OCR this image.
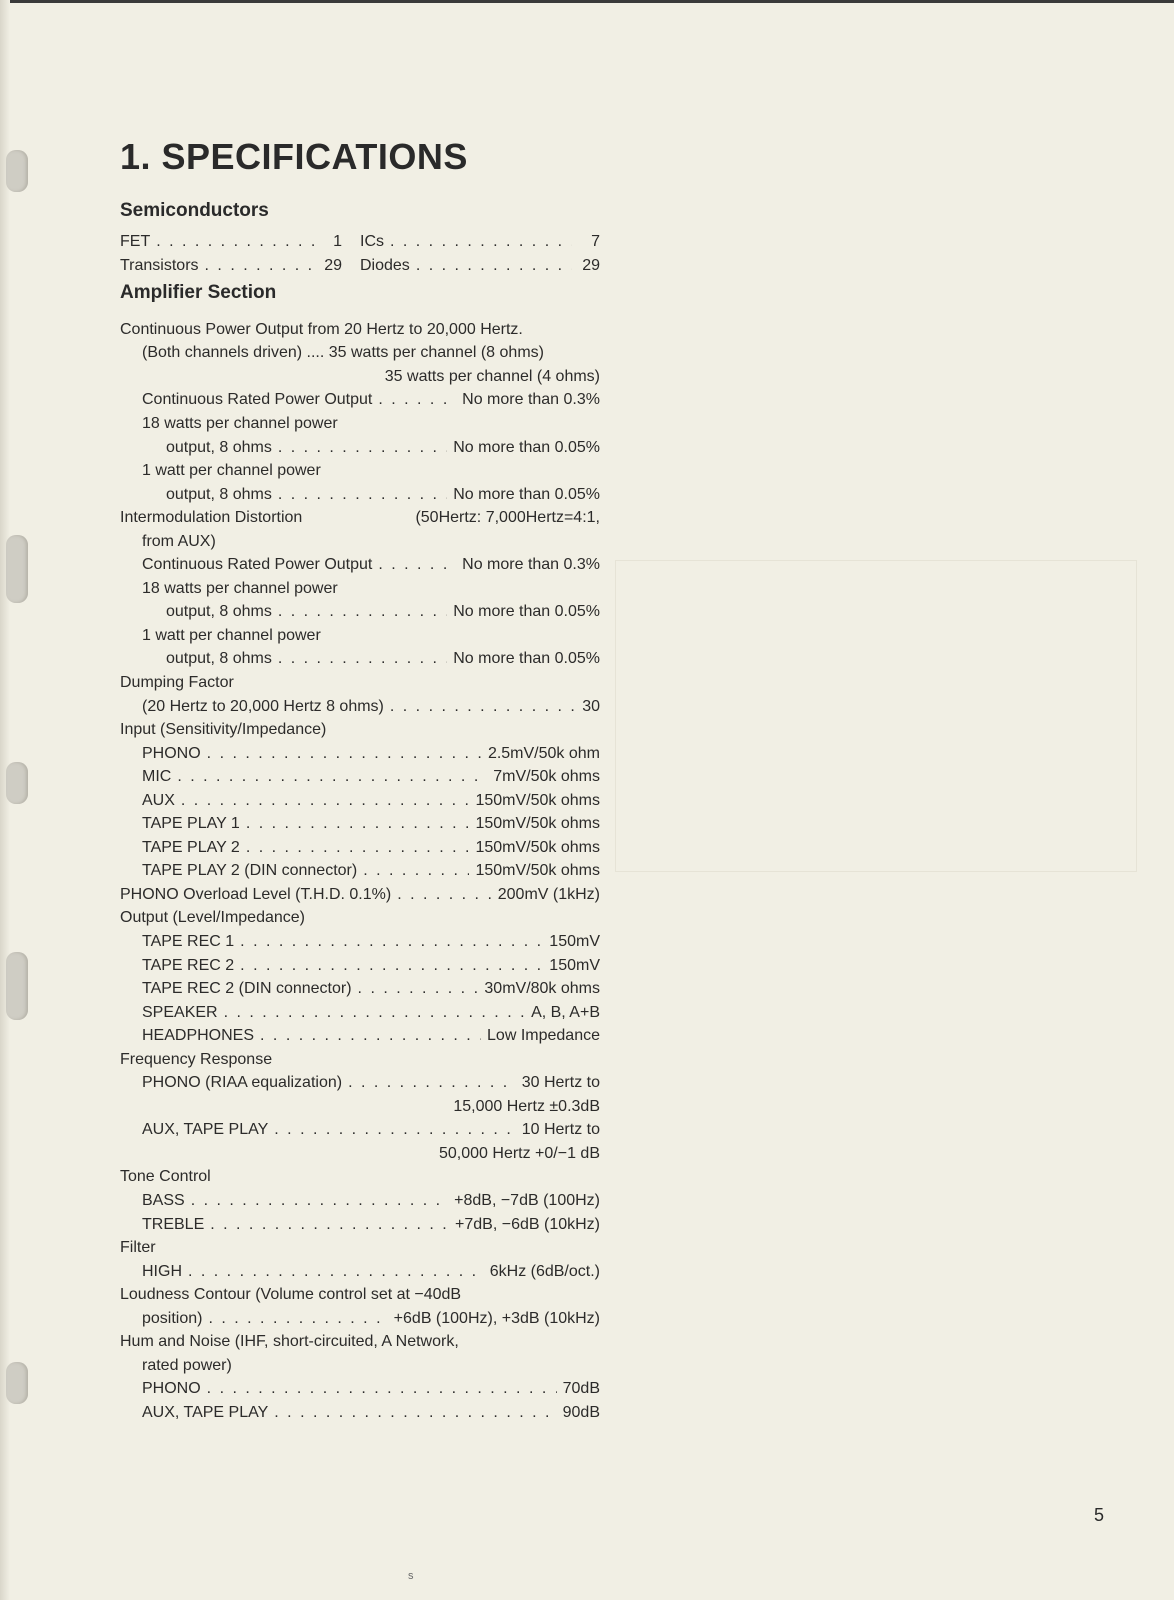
1. SPECIFICATIONS
Semiconductors
FET . . .	1 ICs . . .	7
Transistors . . .	29 Diodes . . .	29
Amplifier Section
Continuous Power Output from 20 Hertz to 20,000 Hertz.
(Both channels driven) .... 35 watts per channel (8 ohms)
35 watts per channel (4 ohms)
Continuous Rated Power Output . . .	No more than 0.3%
18 watts per channel power
output, 8 ohms . . .	No more than 0.05%
1 watt per channel power
output, 8 ohms . . .	No more than 0.05%
Intermodulation Distortion	(50Hertz: 7,000Hertz=4:1,
from AUX)
Continuous Rated Power Output . . .	No more than 0.3%
18 watts per channel power
output, 8 ohms . . .	No more than 0.05%
1 watt per channel power
output, 8 ohms . . .	No more than 0.05%
Dumping Factor
(20 Hertz to 20,000 Hertz 8 ohms) . . .	30
Input (Sensitivity/Impedance)
PHONO . . .	2.5mV/50k ohm
MIC . . .	7mV/50k ohms
AUX . . .	150mV/50k ohms
TAPE PLAY 1 . . .	150mV/50k ohms
TAPE PLAY 2 . . .	150mV/50k ohms
TAPE PLAY 2 (DIN connector) . . .	150mV/50k ohms
PHONO Overload Level (T.H.D. 0.1%) . . .	200mV (1kHz)
Output (Level/Impedance)
TAPE REC 1 . . .	150mV
TAPE REC 2 . . .	150mV
TAPE REC 2 (DIN connector) . . .	30mV/80k ohms
SPEAKER . . .	A, B, A+B
HEADPHONES . . .	Low Impedance
Frequency Response
PHONO (RIAA equalization) . . .	30 Hertz to
15,000 Hertz ±0.3dB
AUX, TAPE PLAY . . .	10 Hertz to
50,000 Hertz +0/−1 dB
Tone Control
BASS . . .	+8dB, −7dB (100Hz)
TREBLE . . .	+7dB, −6dB (10kHz)
Filter
HIGH . . .	6kHz (6dB/oct.)
Loudness Contour (Volume control set at −40dB
position) . . .	+6dB (100Hz), +3dB (10kHz)
Hum and Noise (IHF, short-circuited, A Network,
rated power)
PHONO . . .	70dB
AUX, TAPE PLAY . . .	90dB
5
s
